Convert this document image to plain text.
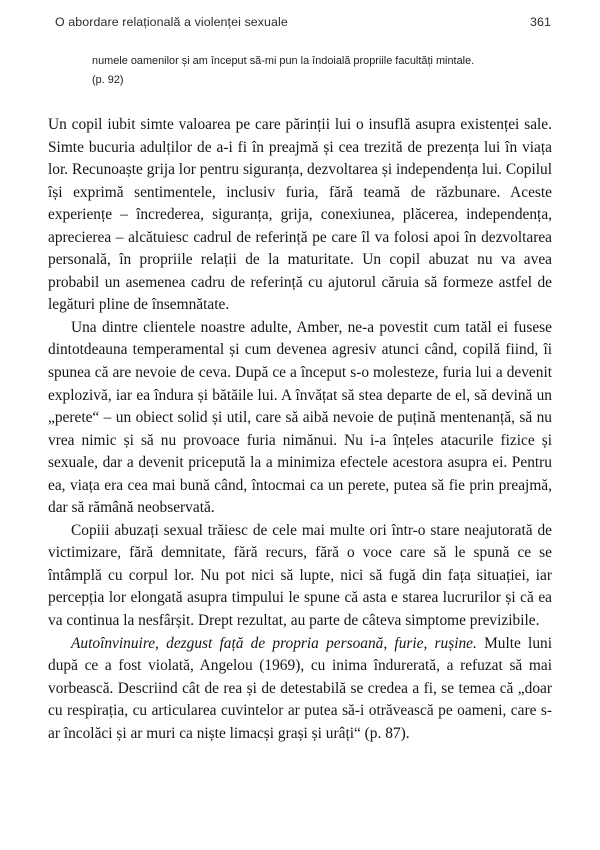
O abordare relațională a violenței sexuale	361
numele oamenilor și am început să-mi pun la îndoială propriile facultăți mintale.
(p. 92)

Un copil iubit simte valoarea pe care părinții lui o insuflă asupra existenței sale. Simte bucuria adulților de a-i fi în preajmă și cea trezită de prezența lui în viața lor. Recunoaște grija lor pentru siguranța, dezvoltarea și independența lui. Copilul își exprimă sentimentele, inclusiv furia, fără teamă de răzbunare. Aceste experiențe – încrederea, siguranța, grija, conexiunea, plăcerea, independența, aprecierea – alcătuiesc cadrul de referință pe care îl va folosi apoi în dezvoltarea personală, în propriile relații de la maturitate. Un copil abuzat nu va avea probabil un asemenea cadru de referință cu ajutorul căruia să formeze astfel de legături pline de însemnătate.

Una dintre clientele noastre adulte, Amber, ne-a povestit cum tatăl ei fusese dintotdeauna temperamental și cum devenea agresiv atunci când, copilă fiind, îi spunea că are nevoie de ceva. După ce a început s-o molesteze, furia lui a devenit explozivă, iar ea îndura și bătăile lui. A învățat să stea departe de el, să devină un „perete“ – un obiect solid și util, care să aibă nevoie de puțină mentenanță, să nu vrea nimic și să nu provoace furia nimănui. Nu i-a înțeles atacurile fizice și sexuale, dar a devenit pricepută la a minimiza efectele acestora asupra ei. Pentru ea, viața era cea mai bună când, întocmai ca un perete, putea să fie prin preajmă, dar să rămână neobservată.

Copiii abuzați sexual trăiesc de cele mai multe ori într-o stare neajutorată de victimizare, fără demnitate, fără recurs, fără o voce care să le spună ce se întâmplă cu corpul lor. Nu pot nici să lupte, nici să fugă din fața situației, iar percepția lor elongată asupra timpului le spune că asta e starea lucrurilor și că ea va continua la nesfârșit. Drept rezultat, au parte de câteva simptome previzibile.

Autoînvinuire, dezgust față de propria persoană, furie, rușine. Multe luni după ce a fost violată, Angelou (1969), cu inima îndurerată, a refuzat să mai vorbească. Descriind cât de rea și de detestabilă se credea a fi, se temea că „doar cu respirația, cu articularea cuvintelor ar putea să-i otrăvească pe oameni, care s-ar încolăci și ar muri ca niște limacși grași și urâți“ (p. 87).
